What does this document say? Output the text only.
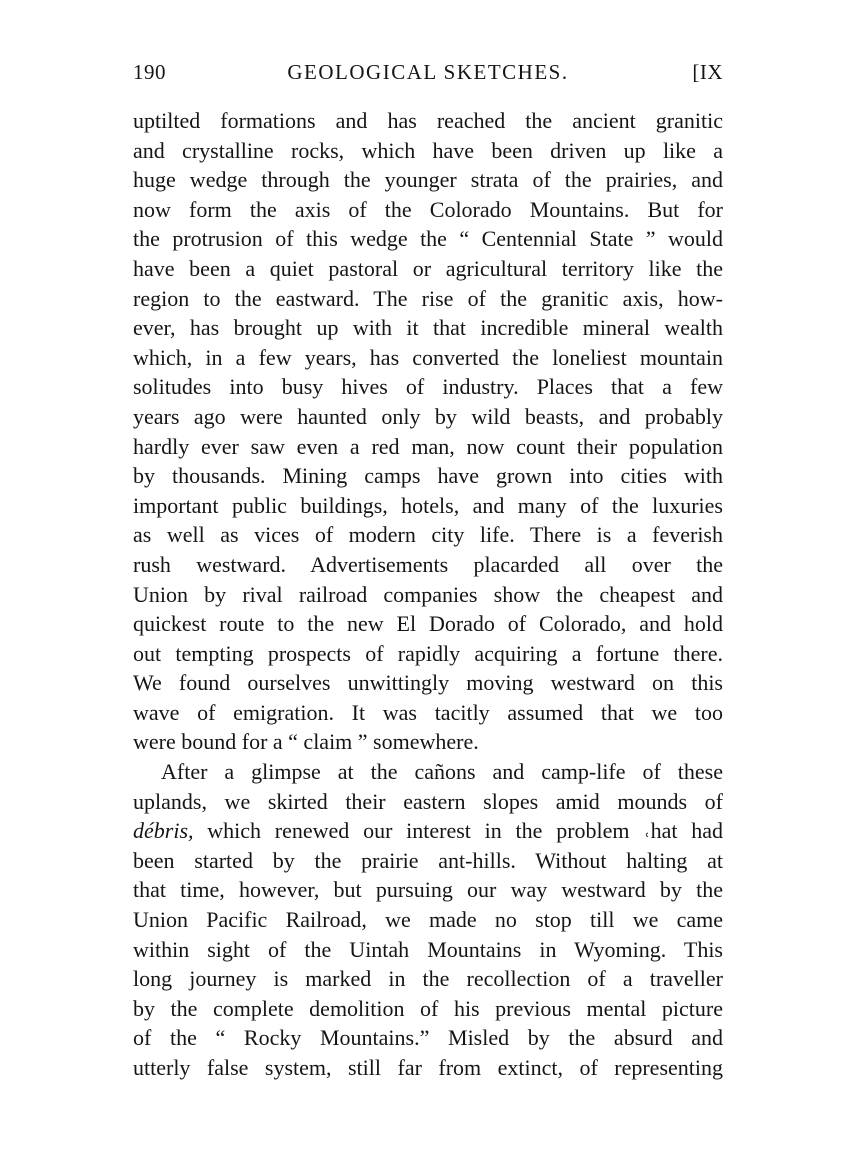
190	GEOLOGICAL SKETCHES.	[IX
uptilted formations and has reached the ancient granitic
and crystalline rocks, which have been driven up like a
huge wedge through the younger strata of the prairies, and
now form the axis of the Colorado Mountains. But for
the protrusion of this wedge the “ Centennial State ” would
have been a quiet pastoral or agricultural territory like the
region to the eastward. The rise of the granitic axis, how-
ever, has brought up with it that incredible mineral wealth
which, in a few years, has converted the loneliest mountain
solitudes into busy hives of industry. Places that a few
years ago were haunted only by wild beasts, and probably
hardly ever saw even a red man, now count their population
by thousands. Mining camps have grown into cities with
important public buildings, hotels, and many of the luxuries
as well as vices of modern city life. There is a feverish
rush westward. Advertisements placarded all over the
Union by rival railroad companies show the cheapest and
quickest route to the new El Dorado of Colorado, and hold
out tempting prospects of rapidly acquiring a fortune there.
We found ourselves unwittingly moving westward on this
wave of emigration. It was tacitly assumed that we too
were bound for a “ claim ” somewhere.
After a glimpse at the cañons and camp-life of these
uplands, we skirted their eastern slopes amid mounds of
débris, which renewed our interest in the problem ˓hat had
been started by the prairie ant-hills. Without halting at
that time, however, but pursuing our way westward by the
Union Pacific Railroad, we made no stop till we came
within sight of the Uintah Mountains in Wyoming. This
long journey is marked in the recollection of a traveller
by the complete demolition of his previous mental picture
of the “ Rocky Mountains.” Misled by the absurd and
utterly false system, still far from extinct, of representing
